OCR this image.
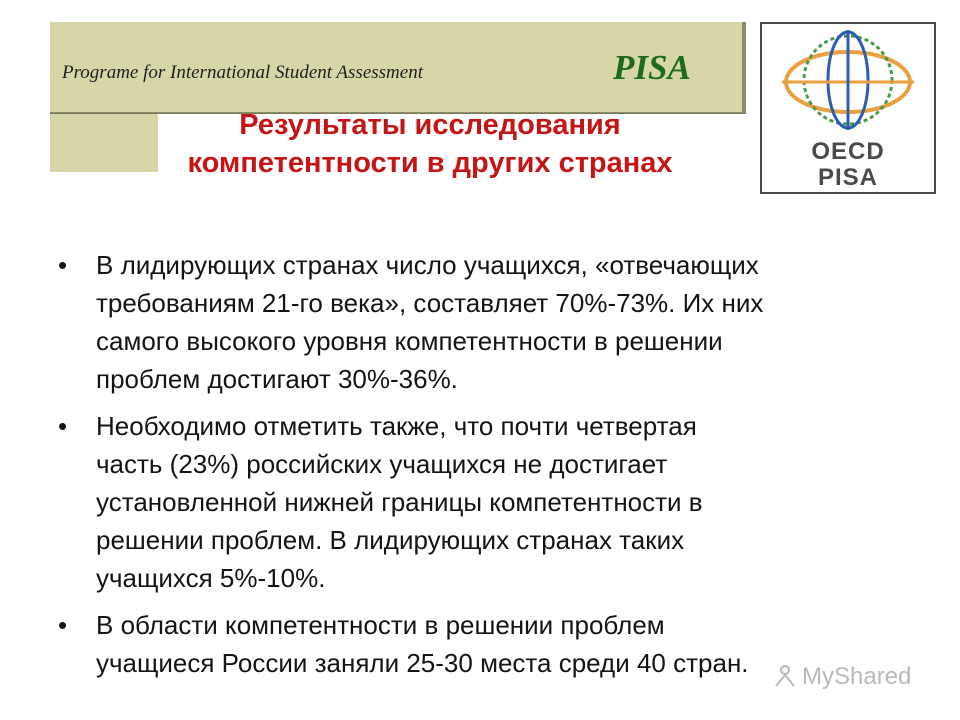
Programe for International Student Assessment	PISA
OECD
PISA
Результаты исследования
компетентности в других странах
• В лидирующих странах число учащихся, «отвечающих
требованиям 21-го века», составляет 70%-73%. Их них
самого высокого уровня компетентности в решении
проблем достигают 30%-36%.
• Необходимо отметить также, что почти четвертая
часть (23%) российских учащихся не достигает
установленной нижней границы компетентности в
решении проблем. В лидирующих странах таких
учащихся 5%-10%.
• В области компетентности в решении проблем
учащиеся России заняли 25-30 места среди 40 стран.	MyShared
